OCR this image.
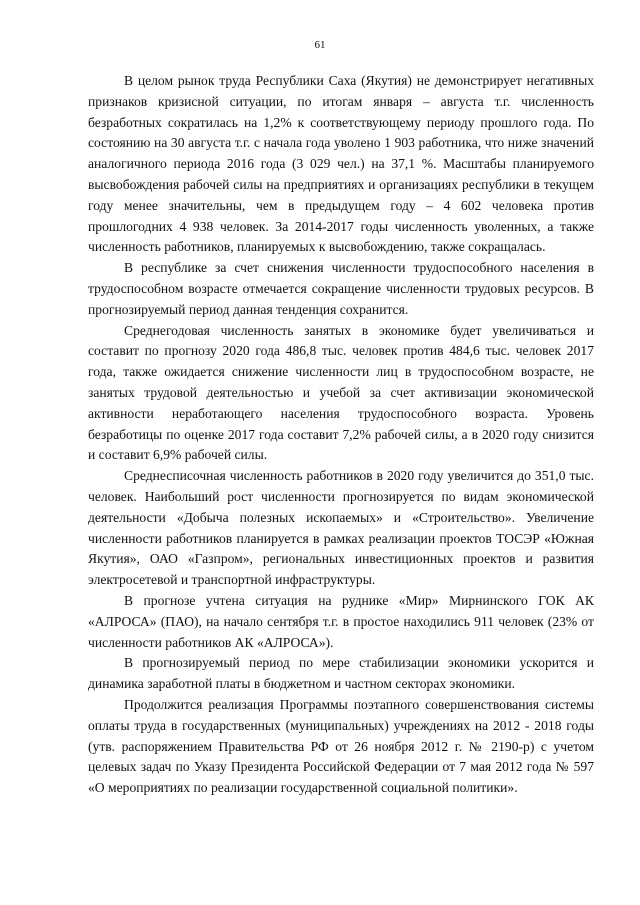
61

В целом рынок труда Республики Саха (Якутия) не демонстрирует негативных признаков кризисной ситуации, по итогам января – августа т.г. численность безработных сократилась на 1,2% к соответствующему периоду прошлого года. По состоянию на 30 августа т.г. с начала года уволено 1 903 работника, что ниже значений аналогичного периода 2016 года (3 029 чел.) на 37,1 %. Масштабы планируемого высвобождения рабочей силы на предприятиях и организациях республики в текущем году менее значительны, чем в предыдущем году – 4 602 человека против прошлогодних 4 938 человек. За 2014-2017 годы численность уволенных, а также численность работников, планируемых к высвобождению, также сокращалась.

В республике за счет снижения численности трудоспособного населения в трудоспособном возрасте отмечается сокращение численности трудовых ресурсов. В прогнозируемый период данная тенденция сохранится.

Среднегодовая численность занятых в экономике будет увеличиваться и составит по прогнозу 2020 года 486,8 тыс. человек против 484,6 тыс. человек 2017 года, также ожидается снижение численности лиц в трудоспособном возрасте, не занятых трудовой деятельностью и учебой за счет активизации экономической активности неработающего населения трудоспособного возраста. Уровень безработицы по оценке 2017 года составит 7,2% рабочей силы, а в 2020 году снизится и составит 6,9% рабочей силы.

Среднесписочная численность работников в 2020 году увеличится до 351,0 тыс. человек. Наибольший рост численности прогнозируется по видам экономической деятельности «Добыча полезных ископаемых» и «Строительство». Увеличение численности работников планируется в рамках реализации проектов ТОСЭР «Южная Якутия», ОАО «Газпром», региональных инвестиционных проектов и развития электросетевой и транспортной инфраструктуры.

В прогнозе учтена ситуация на руднике «Мир» Мирнинского ГОК АК «АЛРОСА» (ПАО), на начало сентября т.г. в простое находились 911 человек (23% от численности работников АК «АЛРОСА»).

В прогнозируемый период по мере стабилизации экономики ускорится и динамика заработной платы в бюджетном и частном секторах экономики.

Продолжится реализация Программы поэтапного совершенствования системы оплаты труда в государственных (муниципальных) учреждениях на 2012 - 2018 годы (утв. распоряжением Правительства РФ от 26 ноября 2012 г. № 2190-р) с учетом целевых задач по Указу Президента Российской Федерации от 7 мая 2012 года № 597 «О мероприятиях по реализации государственной социальной политики».
